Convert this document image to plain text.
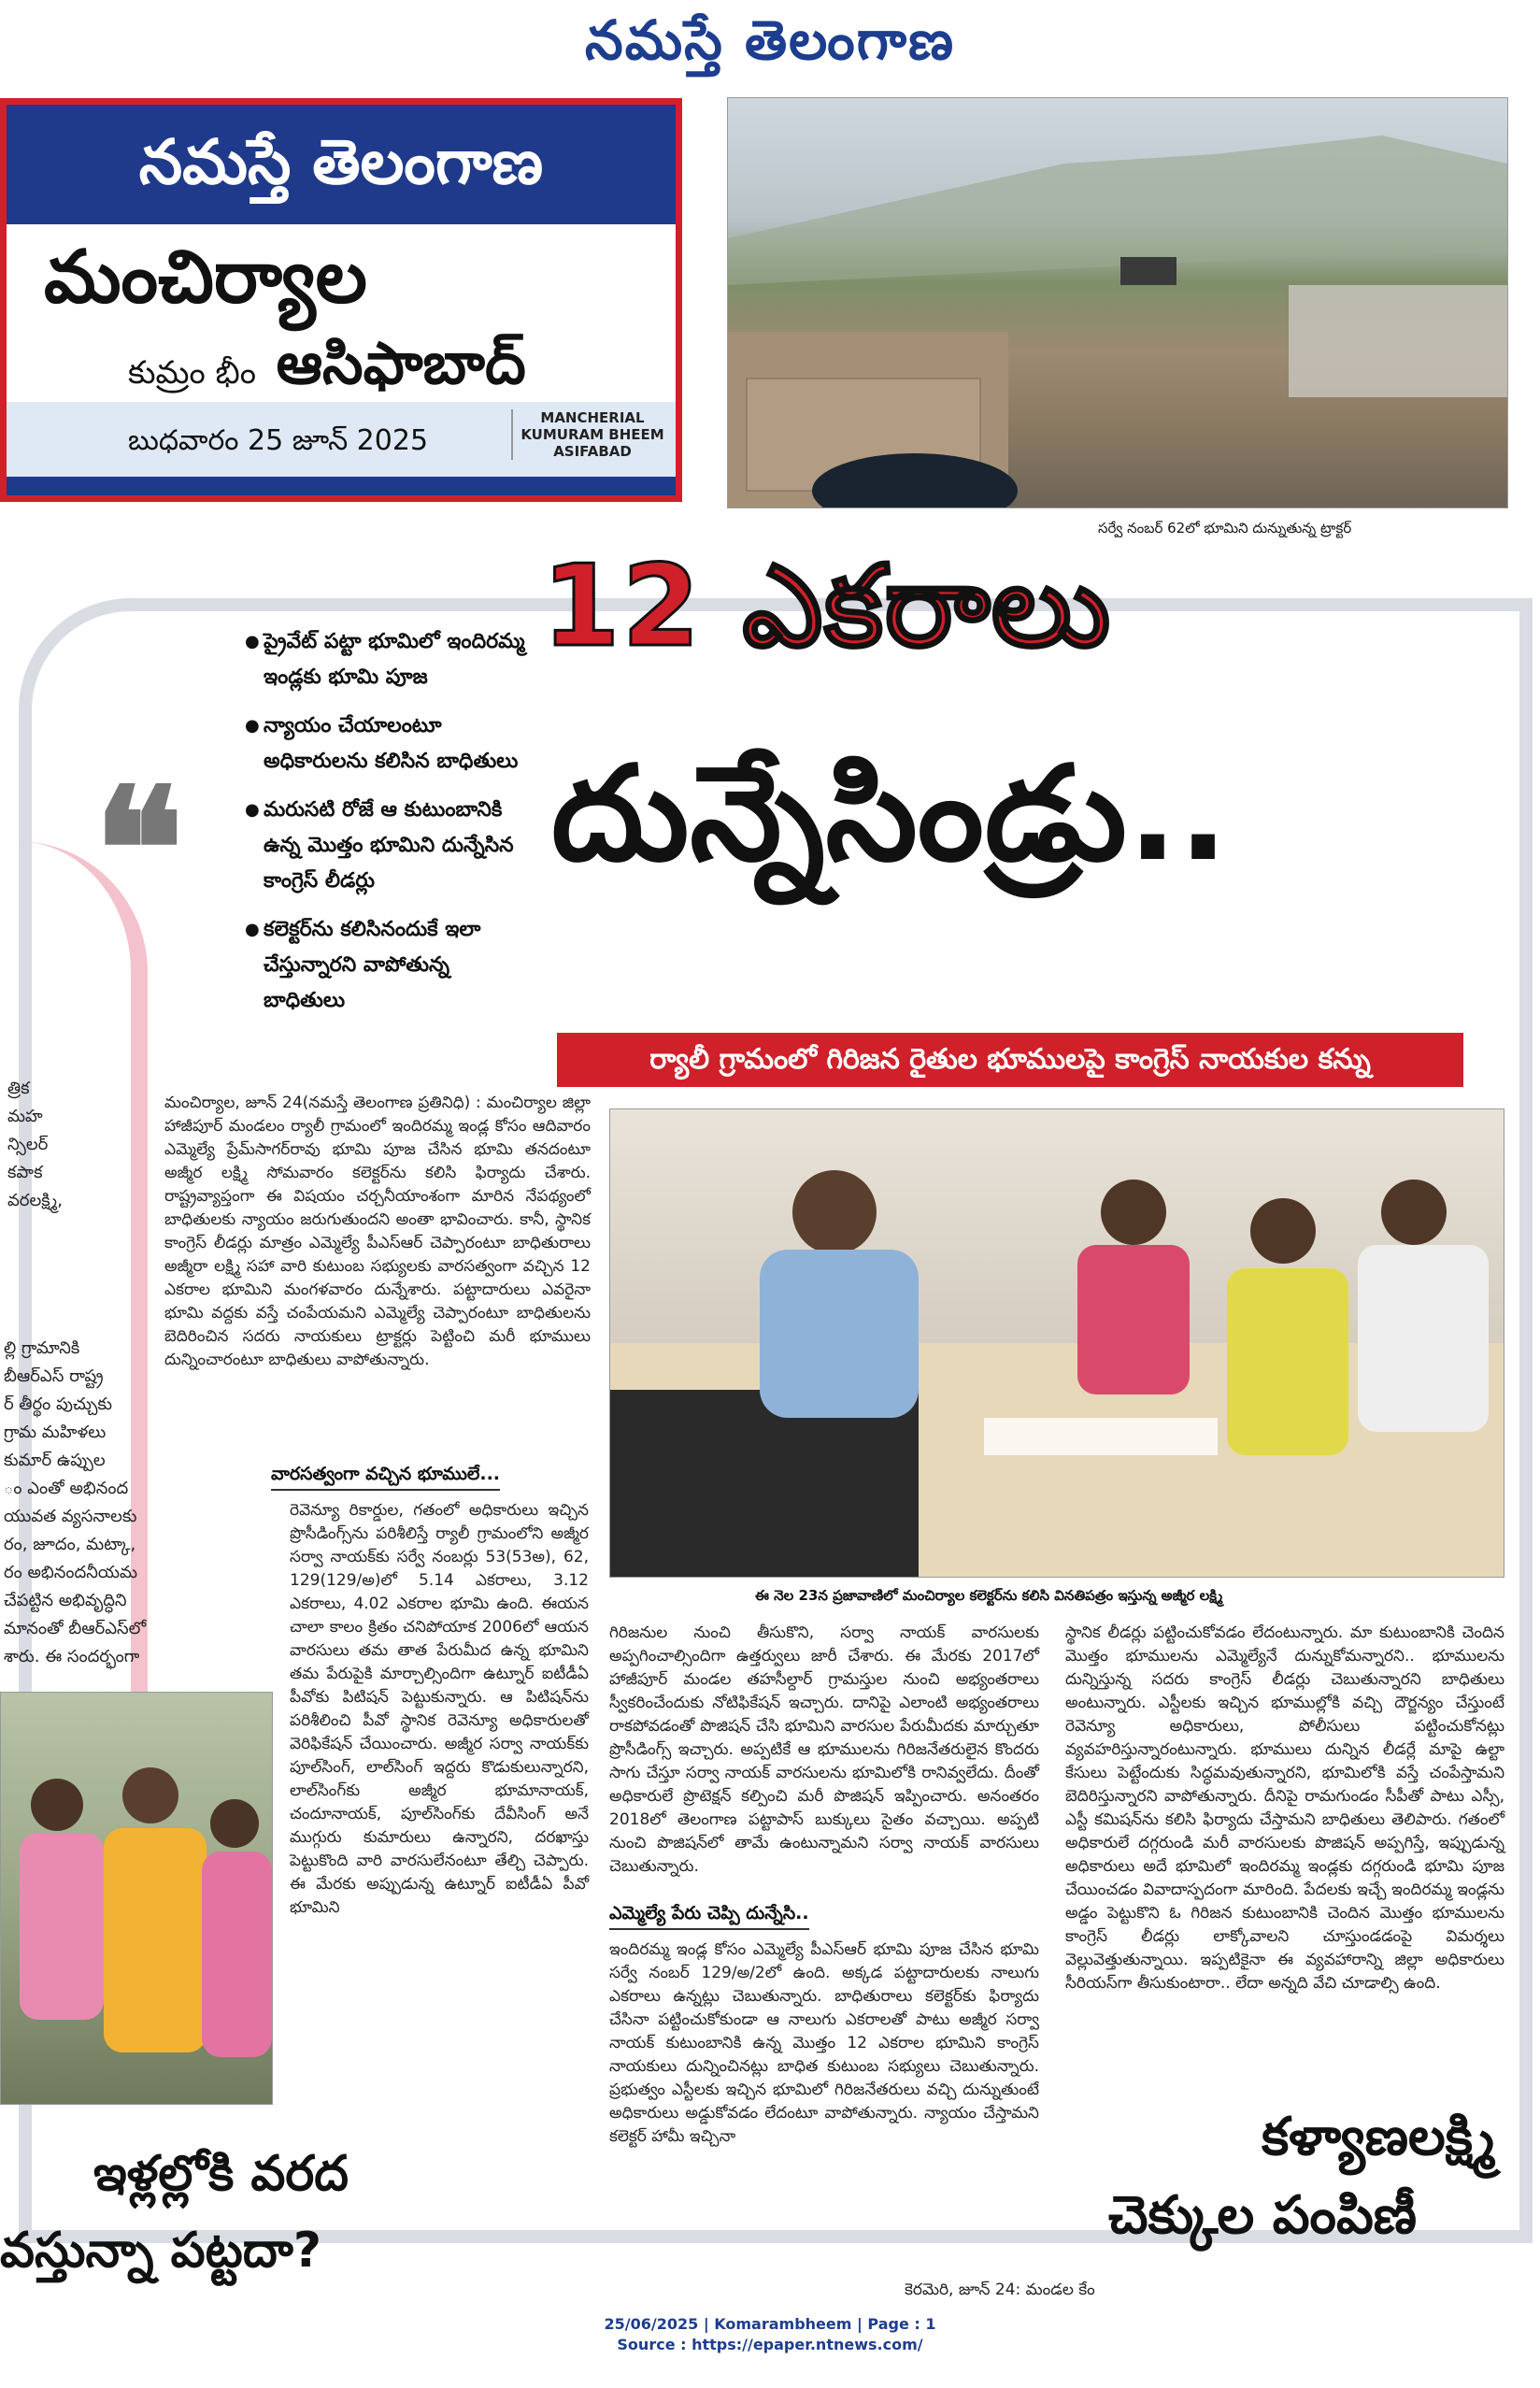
నమస్తే తెలంగాణ
నమస్తే తెలంగాణ
మంచిర్యాల
కుమ్రం భీం ఆసిఫాబాద్
బుధవారం 25 జూన్ 2025
MANCHERIAL
KUMURAM BHEEM
ASIFABAD
సర్వే నంబర్ 62లో భూమిని దున్నుతున్న ట్రాక్టర్
12 ఎకరాలు
దున్నేసిండ్రు..
ర్యాలీ గ్రామంలో గిరిజన రైతుల భూములపై కాంగ్రెస్ నాయకుల కన్ను
❝
● ప్రైవేట్ పట్టా భూమిలో ఇందిరమ్మ ఇండ్లకు భూమి పూజ
● న్యాయం చేయాలంటూ అధికారులను కలిసిన బాధితులు
● మరుసటి రోజే ఆ కుటుంబానికి ఉన్న మొత్తం భూమిని దున్నేసిన కాంగ్రెస్ లీడర్లు
● కలెక్టర్‌ను కలిసినందుకే ఇలా చేస్తున్నారని వాపోతున్న బాధితులు

మంచిర్యాల, జూన్ 24(నమస్తే తెలంగాణ ప్రతినిధి) : మంచిర్యాల జిల్లా హాజీపూర్ మండలం ర్యాలీ గ్రామంలో ఇందిరమ్మ ఇండ్ల కోసం ఆదివారం ఎమ్మెల్యే ప్రేమ్‌సాగర్‌రావు భూమి పూజ చేసిన భూమి తనదంటూ అజ్మీర లక్ష్మి సోమవారం కలెక్టర్‌ను కలిసి ఫిర్యాదు చేశారు. రాష్ట్రవ్యాప్తంగా ఈ విషయం చర్చనీయాంశంగా మారిన నేపథ్యంలో బాధితులకు న్యాయం జరుగుతుందని అంతా భావించారు. కానీ, స్థానిక కాంగ్రెస్ లీడర్లు మాత్రం ఎమ్మెల్యే పీఎస్‌ఆర్ చెప్పారంటూ బాధితురాలు అజ్మీరా లక్ష్మి సహా వారి కుటుంబ సభ్యులకు వారసత్వంగా వచ్చిన 12 ఎకరాల భూమిని మంగళవారం దున్నేశారు. పట్టాదారులు ఎవరైనా భూమి వద్దకు వస్తే చంపేయమని ఎమ్మెల్యే చెప్పారంటూ బాధితులను బెదిరించిన సదరు నాయకులు ట్రాక్టర్లు పెట్టించి మరీ భూములు దున్నించారంటూ బాధితులు వాపోతున్నారు.

వారసత్వంగా వచ్చిన భూములే...

రెవెన్యూ రికార్డుల, గతంలో అధికారులు ఇచ్చిన ప్రొసీడింగ్స్‌ను పరిశీలిస్తే ర్యాలీ గ్రామంలోని అజ్మీర సర్వా నాయక్‌కు సర్వే నంబర్లు 53(53అ), 62, 129(129/అ)లో 5.14 ఎకరాలు, 3.12 ఎకరాలు, 4.02 ఎకరాల భూమి ఉంది. ఈయన చాలా కాలం క్రితం చనిపోయాక 2006లో ఆయన వారసులు తమ తాత పేరుమీద ఉన్న భూమిని తమ పేరుపైకి మార్చాల్సిందిగా ఉట్నూర్ ఐటీడీఏ పీవోకు పిటిషన్ పెట్టుకున్నారు. ఆ పిటిషన్‌ను పరిశీలించి పీవో స్థానిక రెవెన్యూ అధికారులతో వెరిఫికేషన్ చేయించారు. అజ్మీర సర్వా నాయక్‌కు పూల్‌సింగ్, లాల్‌సింగ్ ఇద్దరు కొడుకులున్నారని, లాల్‌సింగ్‌కు అజ్మీర భూమానాయక్, చందూనాయక్, పూల్‌సింగ్‌కు దేవీసింగ్ అనే ముగ్గురు కుమారులు ఉన్నారని, దరఖాస్తు పెట్టుకొంది వారి వారసులేనంటూ తేల్చి చెప్పారు. ఈ మేరకు అప్పుడున్న ఉట్నూర్ ఐటీడీఏ పీవో భూమిని

ఈ నెల 23న ప్రజావాణిలో మంచిర్యాల కలెక్టర్‌ను కలిసి వినతిపత్రం ఇస్తున్న అజ్మీర లక్ష్మి

గిరిజనుల నుంచి తీసుకొని, సర్వా నాయక్ వారసులకు అప్పగించాల్సిందిగా ఉత్తర్వులు జారీ చేశారు. ఈ మేరకు 2017లో హాజీపూర్ మండల తహసీల్దార్ గ్రామస్తుల నుంచి అభ్యంతరాలు స్వీకరించేందుకు నోటిఫికేషన్ ఇచ్చారు. దానిపై ఎలాంటి అభ్యంతరాలు రాకపోవడంతో పొజిషన్ చేసి భూమిని వారసుల పేరుమీదకు మార్చుతూ ప్రొసీడింగ్స్ ఇచ్చారు. అప్పటికే ఆ భూములను గిరిజనేతరులైన కొందరు సాగు చేస్తూ సర్వా నాయక్ వారసులను భూమిలోకి రానివ్వలేదు. దీంతో అధికారులే ప్రొటెక్షన్ కల్పించి మరీ పొజిషన్ ఇప్పించారు. అనంతరం 2018లో తెలంగాణ పట్టాపాస్ బుక్కులు సైతం వచ్చాయి. అప్పటి నుంచి పొజిషన్‌లో తామే ఉంటున్నామని సర్వా నాయక్ వారసులు చెబుతున్నారు.

ఎమ్మెల్యే పేరు చెప్పి దున్నేసి..

ఇందిరమ్మ ఇండ్ల కోసం ఎమ్మెల్యే పీఎస్‌ఆర్ భూమి పూజ చేసిన భూమి సర్వే నంబర్ 129/అ/2లో ఉంది. అక్కడ పట్టాదారులకు నాలుగు ఎకరాలు ఉన్నట్లు చెబుతున్నారు. బాధితురాలు కలెక్టర్‌కు ఫిర్యాదు చేసినా పట్టించుకోకుండా ఆ నాలుగు ఎకరాలతో పాటు అజ్మీర సర్వా నాయక్ కుటుంబానికి ఉన్న మొత్తం 12 ఎకరాల భూమిని కాంగ్రెస్ నాయకులు దున్నించినట్లు బాధిత కుటుంబ సభ్యులు చెబుతున్నారు. ప్రభుత్వం ఎస్టీలకు ఇచ్చిన భూమిలో గిరిజనేతరులు వచ్చి దున్నుతుంటే అధికారులు అడ్డుకోవడం లేదంటూ వాపోతున్నారు. న్యాయం చేస్తామని కలెక్టర్ హామీ ఇచ్చినా

స్థానిక లీడర్లు పట్టించుకోవడం లేదంటున్నారు. మా కుటుంబానికి చెందిన మొత్తం భూములను ఎమ్మెల్యేనే దున్నుకోమన్నారని.. భూములను దున్నిస్తున్న సదరు కాంగ్రెస్ లీడర్లు చెబుతున్నారని బాధితులు అంటున్నారు. ఎస్టీలకు ఇచ్చిన భూముల్లోకి వచ్చి దౌర్జన్యం చేస్తుంటే రెవెన్యూ అధికారులు, పోలీసులు పట్టించుకోనట్లు వ్యవహరిస్తున్నారంటున్నారు. భూములు దున్నిన లీడర్లే మాపై ఉల్టా కేసులు పెట్టేందుకు సిద్ధమవుతున్నారని, భూమిలోకి వస్తే చంపేస్తామని బెదిరిస్తున్నారని వాపోతున్నారు. దీనిపై రామగుండం సీపీతో పాటు ఎస్సీ, ఎస్టీ కమిషన్‌ను కలిసి ఫిర్యాదు చేస్తామని బాధితులు తెలిపారు. గతంలో అధికారులే దగ్గరుండి మరీ వారసులకు పొజిషన్ అప్పగిస్తే, ఇప్పుడున్న అధికారులు అదే భూమిలో ఇందిరమ్మ ఇండ్లకు దగ్గరుండి భూమి పూజ చేయించడం వివాదాస్పదంగా మారింది. పేదలకు ఇచ్చే ఇందిరమ్మ ఇండ్లను అడ్డం పెట్టుకొని ఓ గిరిజన కుటుంబానికి చెందిన మొత్తం భూములను కాంగ్రెస్ లీడర్లు లాక్కోవాలని చూస్తుండడంపై విమర్శలు వెల్లువెత్తుతున్నాయి. ఇప్పటికైనా ఈ వ్యవహారాన్ని జిల్లా అధికారులు సీరియస్‌గా తీసుకుంటారా.. లేదా అన్నది వేచి చూడాల్సి ఉంది.

త్రిక
మహ
న్సిలర్
కపాక
వరలక్ష్మి,
ల్లి గ్రామానికి
బీఆర్‌ఎస్ రాష్ట్ర
ర్ తీర్థం పుచ్చుకు
గ్రామ మహిళలు
కుమార్ ఉప్పుల
ం ఎంతో అభినంద
యువత వ్యసనాలకు
రం, జూదం, మట్కా,
రం అభినందనీయమ
చేపట్టిన అభివృద్ధిని
మానంతో బీఆర్‌ఎస్‌లో
శారు. ఈ సందర్భంగా
ఇళ్లల్లోకి వరద
వస్తున్నా పట్టదా?
కళ్యాణలక్ష్మి
చెక్కుల పంపిణీ
కెరమెరి, జూన్ 24: మండల కేం
25/06/2025 | Komarambheem | Page : 1
Source : https://epaper.ntnews.com/
